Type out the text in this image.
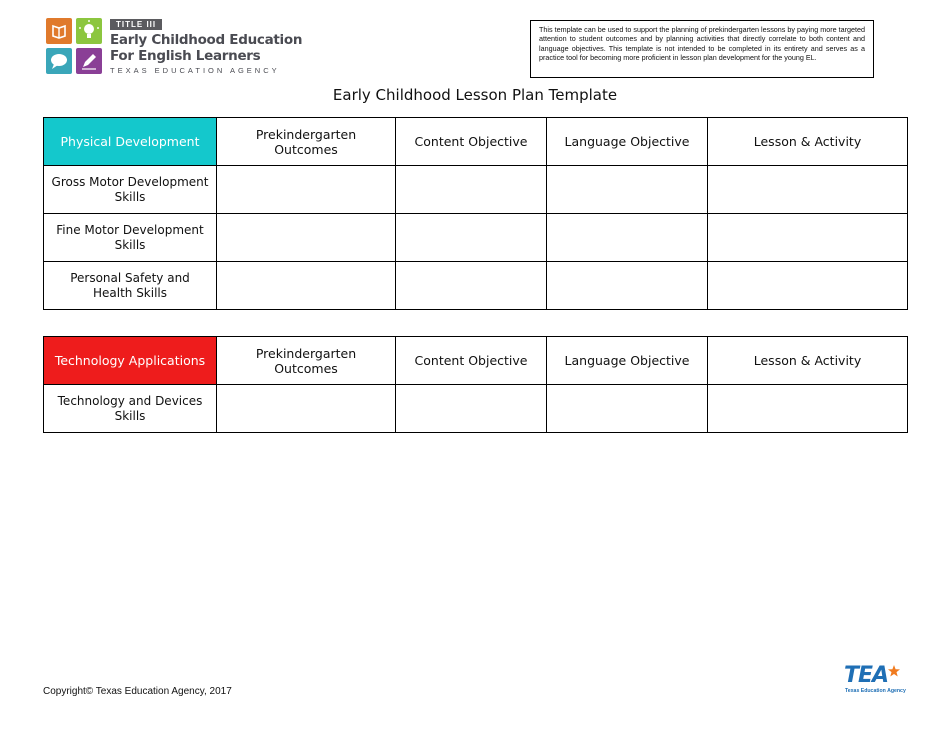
TITLE III
Early Childhood Education
For English Learners
TEXAS EDUCATION AGENCY
This template can be used to support the planning of prekindergarten lessons by paying more targeted attention to student outcomes and by planning activities that directly correlate to both content and language objectives. This template is not intended to be completed in its entirety and serves as a practice tool for becoming more proficient in lesson plan development for the young EL.
Early Childhood Lesson Plan Template
Physical Development	Prekindergarten Outcomes	Content Objective	Language Objective	Lesson & Activity
Gross Motor Development Skills				
Fine Motor Development Skills				
Personal Safety and Health Skills				
Technology Applications	Prekindergarten Outcomes	Content Objective	Language Objective	Lesson & Activity
Technology and Devices Skills				
Copyright© Texas Education Agency, 2017
TEA
Texas Education Agency
